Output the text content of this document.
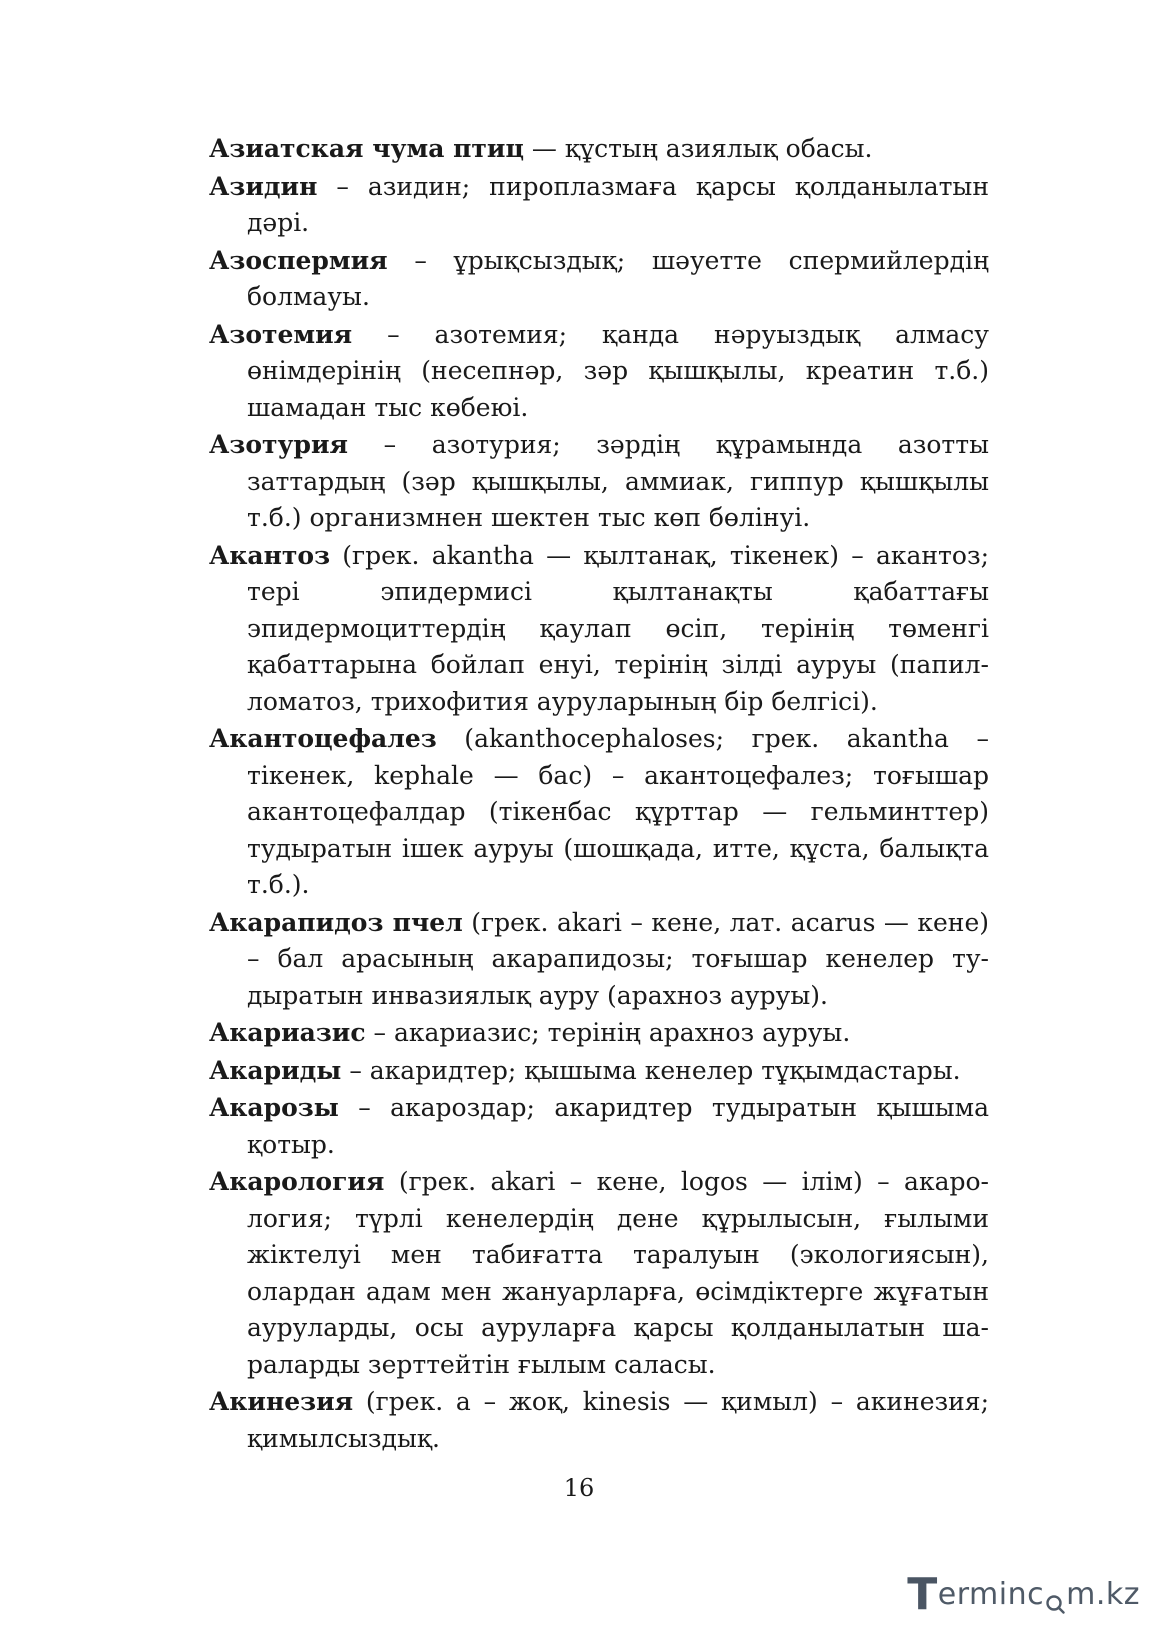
Азиатская чума птиц — құстың азиялық обасы.

Азидин – азидин; пироплазмаға қарсы қолданылатын дәрі.

Азоспермия – ұрықсыздық; шәуетте спермийлердің болмауы.

Азотемия – азотемия; қанда нәруыздық алмасу өнімдерінің (несепнәр, зәр қышқылы, креатин т.б.) шамадан тыс көбеюі.

Азотурия – азотурия; зәрдің құрамында азотты заттардың (зәр қышқылы, аммиак, гиппур қышқылы т.б.) организмнен шектен тыс көп бөлінуі.

Акантоз (грек. akantha — қылтанақ, тікенек) – акантоз; тері эпидермисі қылтанақты қабаттағы эпидермоциттердің қаулап өсіп, терінің төменгі қабаттарына бойлап енуі, терінің зілді ауруы (папилломатоз, трихофития ауруларының бір белгісі).

Акантоцефалез (akanthocephaloses; грек. akantha – тікенек, kephale — бас) – акантоцефалез; тоғышар акантоцефалдар (тікенбас құрттар — гельминттер) тудыратын ішек ауруы (шошқада, итте, құста, балықта т.б.).

Акарапидоз пчел (грек. akari – кене, лат. acarus — кене) – бал арасының акарапидозы; тоғышар кенелер тудыратын инвазиялық ауру (арахноз ауруы).

Акариазис – акариазис; терінің арахноз ауруы.

Акариды – акаридтер; қышыма кенелер тұқымдастары.

Акарозы – акароздар; акаридтер тудыратын қышыма қотыр.

Акарология (грек. akari – кене, logos — ілім) – акарология; түрлі кенелердің дене құрылысын, ғылыми жіктелуі мен табиғатта таралуын (экологиясын), олардан адам мен жануарларға, өсімдіктерге жұғатын ауруларды, осы ауруларға қарсы қолданылатын шараларды зерттейтін ғылым саласы.

Акинезия (грек. а – жоқ, kinesis — қимыл) – акинезия; қимылсыздық.

16
T erminc m.kz
